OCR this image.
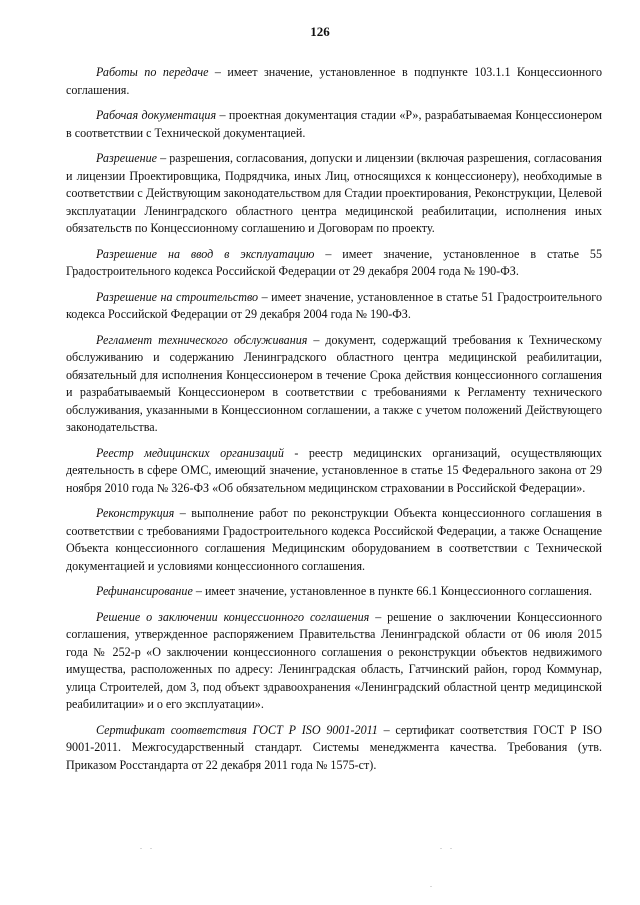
126

Работы по передаче – имеет значение, установленное в подпункте 103.1.1 Концессионного соглашения.

Рабочая документация – проектная документация стадии «Р», разрабатываемая Концессионером в соответствии с Технической документацией.

Разрешение – разрешения, согласования, допуски и лицензии (включая разрешения, согласования и лицензии Проектировщика, Подрядчика, иных Лиц, относящихся к концессионеру), необходимые в соответствии с Действующим законодательством для Стадии проектирования, Реконструкции, Целевой эксплуатации Ленинградского областного центра медицинской реабилитации, исполнения иных обязательств по Концессионному соглашению и Договорам по проекту.

Разрешение на ввод в эксплуатацию – имеет значение, установленное в статье 55 Градостроительного кодекса Российской Федерации от 29 декабря 2004 года № 190-ФЗ.

Разрешение на строительство – имеет значение, установленное в статье 51 Градостроительного кодекса Российской Федерации от 29 декабря 2004 года № 190-ФЗ.

Регламент технического обслуживания – документ, содержащий требования к Техническому обслуживанию и содержанию Ленинградского областного центра медицинской реабилитации, обязательный для исполнения Концессионером в течение Срока действия концессионного соглашения и разрабатываемый Концессионером в соответствии с требованиями к Регламенту технического обслуживания, указанными в Концессионном соглашении, а также с учетом положений Действующего законодательства.

Реестр медицинских организаций - реестр медицинских организаций, осуществляющих деятельность в сфере ОМС, имеющий значение, установленное в статье 15 Федерального закона от 29 ноября 2010 года № 326-ФЗ «Об обязательном медицинском страховании в Российской Федерации».

Реконструкция – выполнение работ по реконструкции Объекта концессионного соглашения в соответствии с требованиями Градостроительного кодекса Российской Федерации, а также Оснащение Объекта концессионного соглашения Медицинским оборудованием в соответствии с Технической документацией и условиями концессионного соглашения.

Рефинансирование – имеет значение, установленное в пункте 66.1 Концессионного соглашения.

Решение о заключении концессионного соглашения – решение о заключении Концессионного соглашения, утвержденное распоряжением Правительства Ленинградской области от 06 июля 2015 года № 252-р «О заключении концессионного соглашения о реконструкции объектов недвижимого имущества, расположенных по адресу: Ленинградская область, Гатчинский район, город Коммунар, улица Строителей, дом 3, под объект здравоохранения «Ленинградский областной центр медицинской реабилитации» и о его эксплуатации».

Сертификат соответствия ГОСТ Р ISO 9001-2011 – сертификат соответствия ГОСТ Р ISO 9001-2011. Межгосударственный стандарт. Системы менеджмента качества. Требования (утв. Приказом Росстандарта от 22 декабря 2011 года № 1575-ст).

. .	. .
.
